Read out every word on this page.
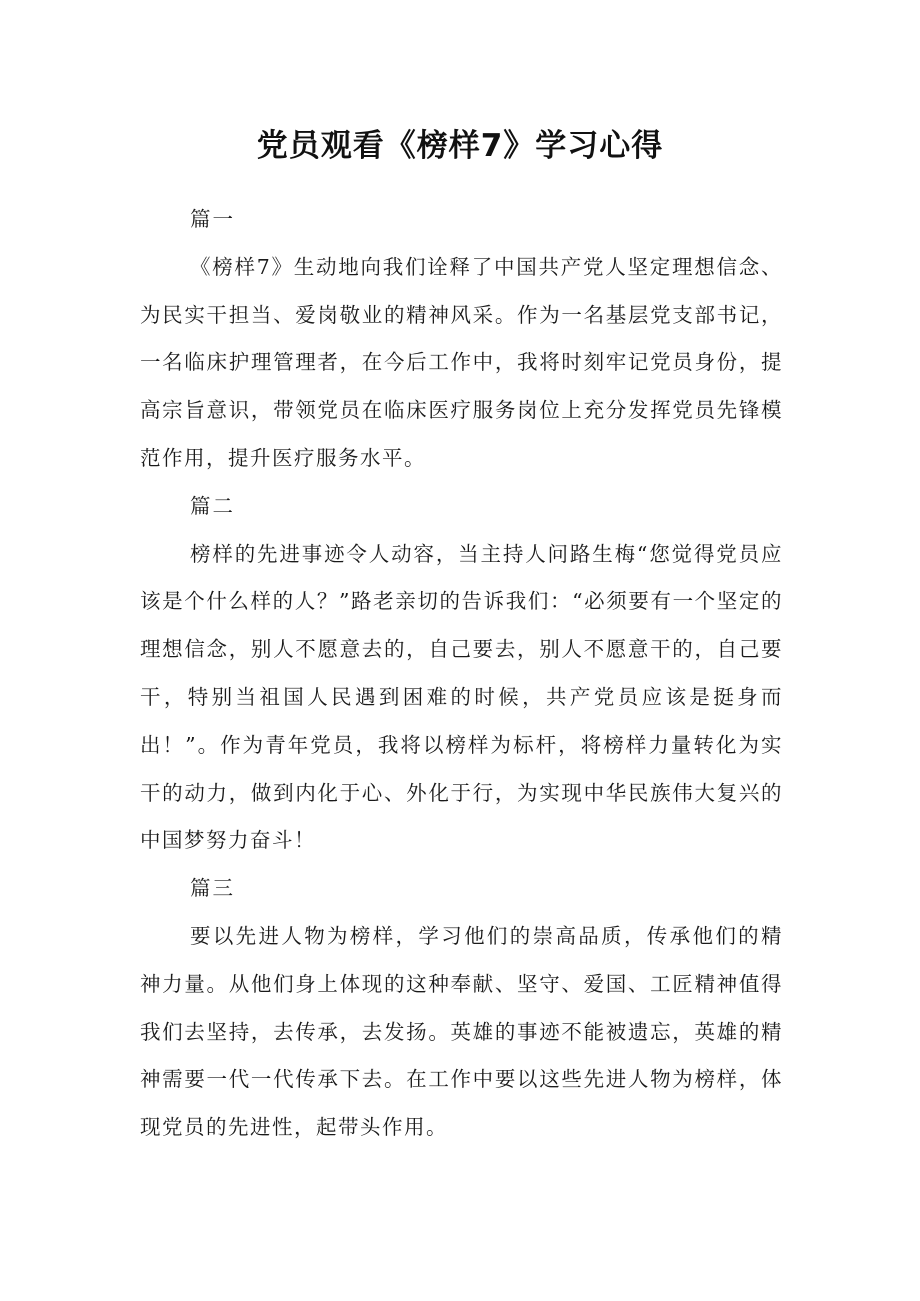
党员观看《榜样7》学习心得

篇一

《榜样7》生动地向我们诠释了中国共产党人坚定理想信念、为民实干担当、爱岗敬业的精神风采。作为一名基层党支部书记，一名临床护理管理者，在今后工作中，我将时刻牢记党员身份，提高宗旨意识，带领党员在临床医疗服务岗位上充分发挥党员先锋模范作用，提升医疗服务水平。

篇二

榜样的先进事迹令人动容，当主持人问路生梅“您觉得党员应该是个什么样的人？”路老亲切的告诉我们：“必须要有一个坚定的理想信念，别人不愿意去的，自己要去，别人不愿意干的，自己要干，特别当祖国人民遇到困难的时候，共产党员应该是挺身而出！”。作为青年党员，我将以榜样为标杆，将榜样力量转化为实干的动力，做到内化于心、外化于行，为实现中华民族伟大复兴的中国梦努力奋斗！

篇三

要以先进人物为榜样，学习他们的崇高品质，传承他们的精神力量。从他们身上体现的这种奉献、坚守、爱国、工匠精神值得我们去坚持，去传承，去发扬。英雄的事迹不能被遗忘，英雄的精神需要一代一代传承下去。在工作中要以这些先进人物为榜样，体现党员的先进性，起带头作用。
